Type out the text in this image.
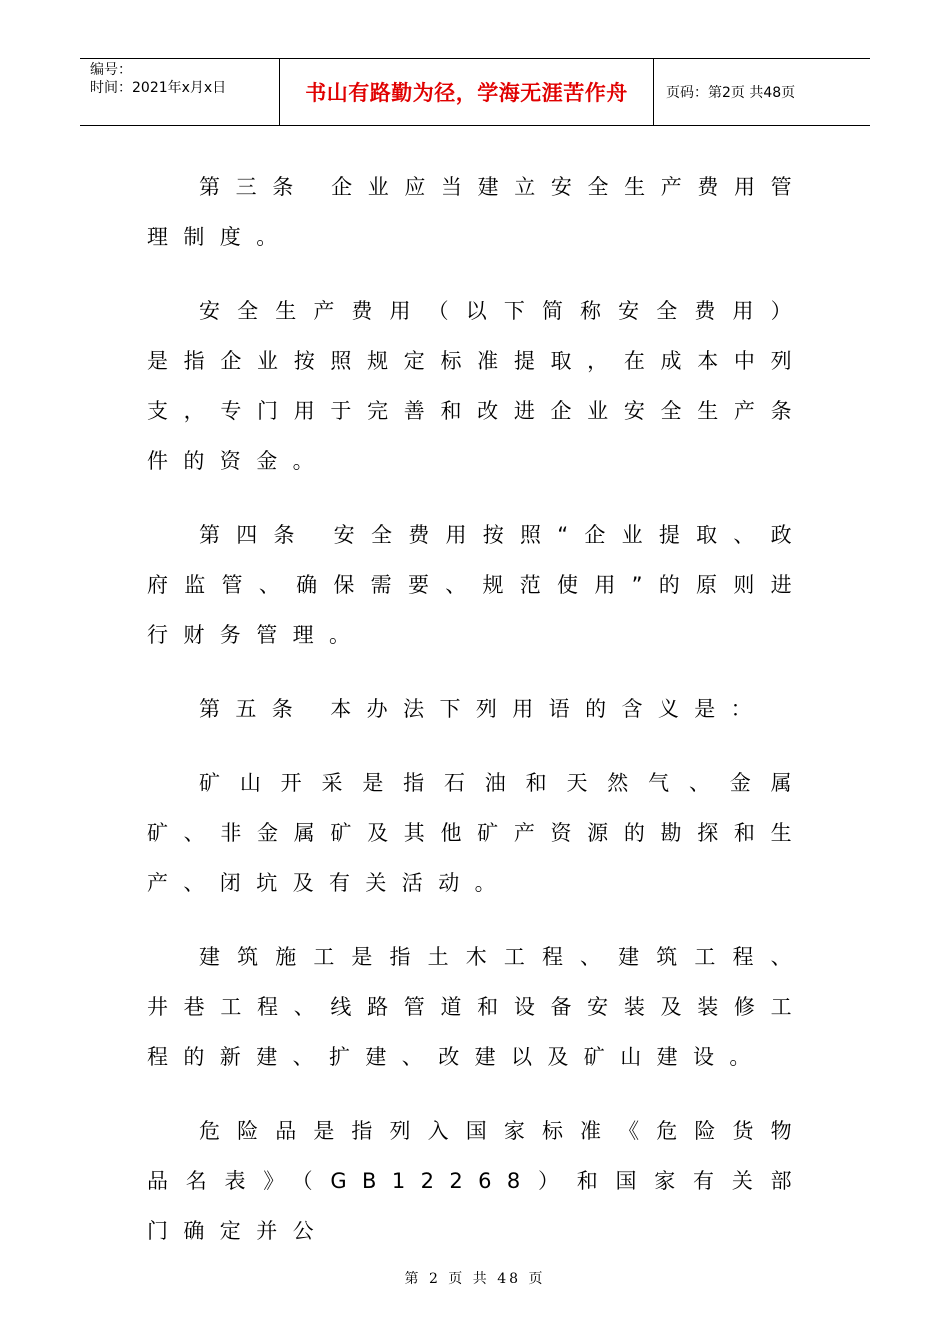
编号：
时间：2021年x月x日	书山有路勤为径，学海无涯苦作舟	页码：第2页 共48页

第三条 企业应当建立安全生产费用管理制度。

安全生产费用（以下简称安全费用）是指企业按照规定标准提取，在成本中列支，专门用于完善和改进企业安全生产条件的资金。

第四条 安全费用按照“企业提取、政府监管、确保需要、规范使用”的原则进行财务管理。

第五条 本办法下列用语的含义是：

矿山开采是指石油和天然气、金属矿、非金属矿及其他矿产资源的勘探和生产、闭坑及有关活动。

建筑施工是指土木工程、建筑工程、井巷工程、线路管道和设备安装及装修工程的新建、扩建、改建以及矿山建设。

危险品是指列入国家标准《危险货物品名表》（GB12268）和国家有关部门确定并公

第 2 页 共 48 页
